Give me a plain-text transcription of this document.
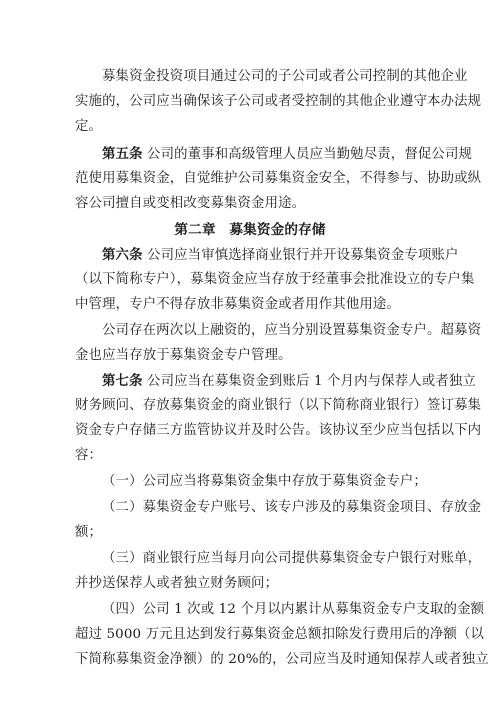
募集资金投资项目通过公司的子公司或者公司控制的其他企业
实施的，公司应当确保该子公司或者受控制的其他企业遵守本办法规
定。
第五条 公司的董事和高级管理人员应当勤勉尽责，督促公司规
范使用募集资金，自觉维护公司募集资金安全，不得参与、协助或纵
容公司擅自或变相改变募集资金用途。
第二章　募集资金的存储
第六条 公司应当审慎选择商业银行并开设募集资金专项账户
（以下简称专户），募集资金应当存放于经董事会批准设立的专户集
中管理，专户不得存放非募集资金或者用作其他用途。
公司存在两次以上融资的，应当分别设置募集资金专户。超募资
金也应当存放于募集资金专户管理。
第七条 公司应当在募集资金到账后 1 个月内与保荐人或者独立
财务顾问、存放募集资金的商业银行（以下简称商业银行）签订募集
资金专户存储三方监管协议并及时公告。该协议至少应当包括以下内
容：
（一）公司应当将募集资金集中存放于募集资金专户；
（二）募集资金专户账号、该专户涉及的募集资金项目、存放金
额；
（三）商业银行应当每月向公司提供募集资金专户银行对账单，
并抄送保荐人或者独立财务顾问；
（四）公司 1 次或 12 个月以内累计从募集资金专户支取的金额
超过 5000 万元且达到发行募集资金总额扣除发行费用后的净额（以
下简称募集资金净额）的 20%的，公司应当及时通知保荐人或者独立
